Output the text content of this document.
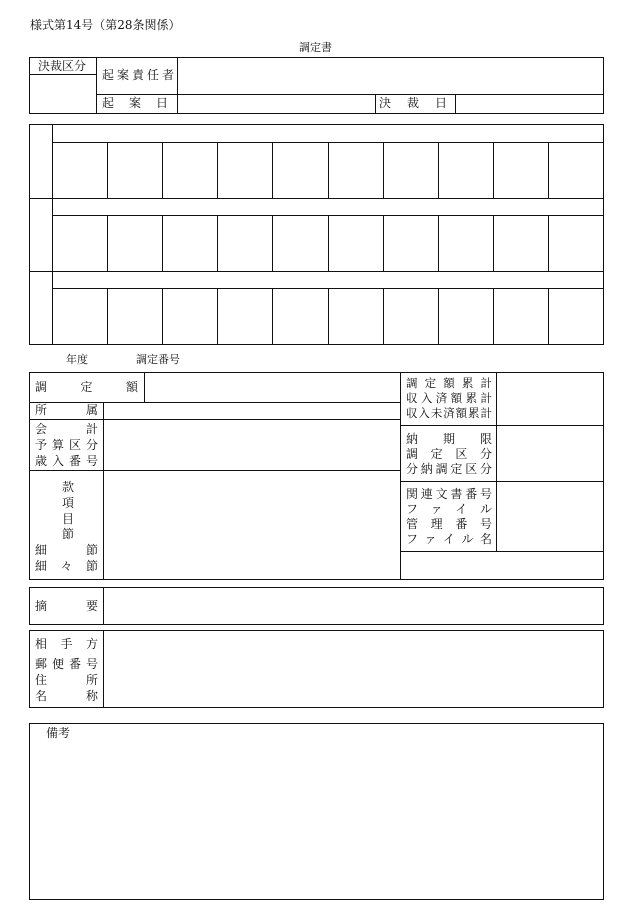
様式第14号（第28条関係）
調定書
決裁区分
起 案 責 任 者
起 案 日	決 裁 日
年度	調定番号
調	定	額
所	属
会	計
予 算 区 分
歳 入 番 号
款
項
目
節
細	節
細 々 節
調 定 額 累 計
収 入 済 額 累 計
収 入 未 済 額 累 計
納 期 限
調 定 区 分
分 納 調 定 区 分
関 連 文 書 番 号
フ ァ イ ル
管 理 番 号
フ ァ イ ル 名
摘	要
相 手 方
郵 便 番 号
住	所
名	称
備考
